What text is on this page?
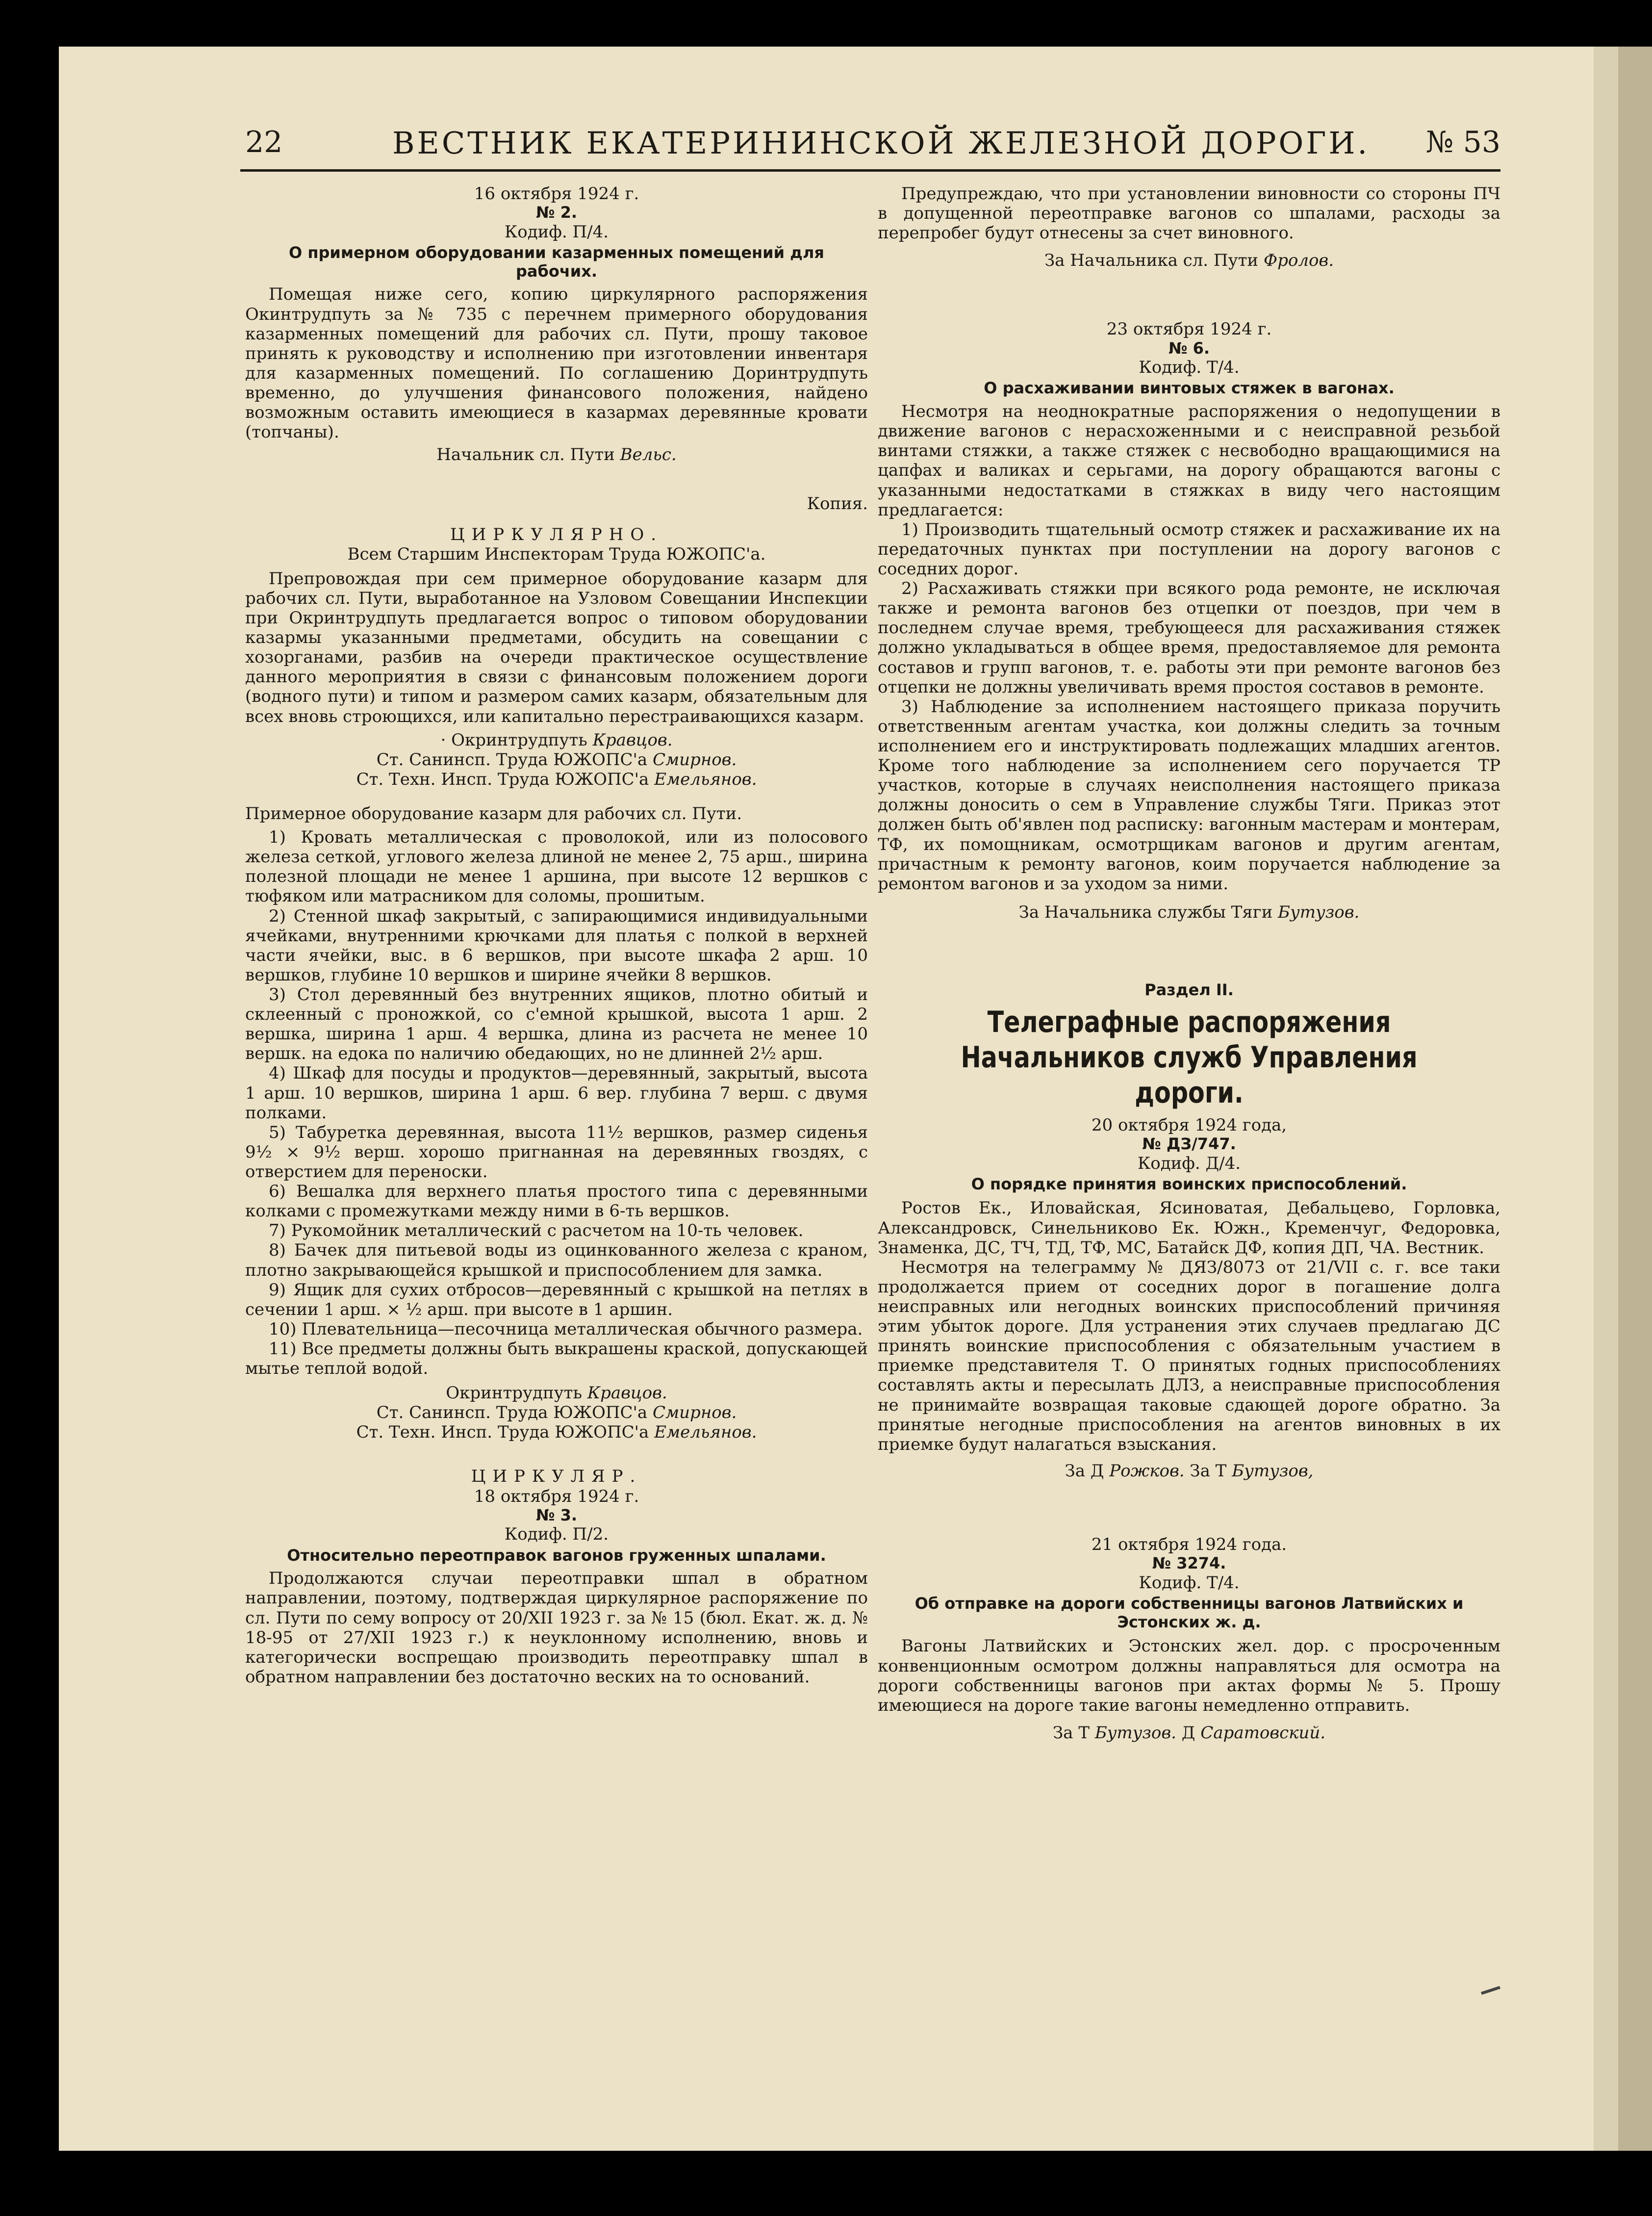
22	ВЕСТНИК ЕКАТЕРИНИНСКОЙ ЖЕЛЕЗНОЙ ДОРОГИ. № 53

16 октября 1924 г.

№ 2.

Кодиф. П/4.

О примерном оборудовании казарменных помещений для рабочих.

Помещая ниже сего, копию циркулярного распоряжения Окинтрудпуть за № 735 с перечнем примерного оборудования казарменных помещений для рабочих сл. Пути, прошу таковое принять к руководству и исполнению при изготовлении инвентаря для казарменных помещений. По соглашению Доринтрудпуть временно, до улучшения финансового положения, найдено возможным оставить имеющиеся в казармах деревянные кровати (топчаны).

Начальник сл. Пути Вельс.

Копия.

ЦИРКУЛЯРНО.

Всем Старшим Инспекторам Труда ЮЖОПС'а.

Препровождая при сем примерное оборудование казарм для рабочих сл. Пути, выработанное на Узловом Совещании Инспекции при Окринтрудпуть предлагается вопрос о типовом оборудовании казармы указанными предметами, обсудить на совещании с хозорганами, разбив на очереди практическое осуществление данного мероприятия в связи с финансовым положением дороги (водного пути) и типом и размером самих казарм, обязательным для всех вновь строющихся, или капитально перестраивающихся казарм.

· Окринтрудпуть Кравцов.

Ст. Санинсп. Труда ЮЖОПС'а Смирнов.

Ст. Техн. Инсп. Труда ЮЖОПС'а Емельянов.

Примерное оборудование казарм для рабочих сл. Пути.

1) Кровать металлическая с проволокой, или из полосового железа сеткой, углового железа длиной не менее 2, 75 арш., ширина полезной площади не менее 1 аршина, при высоте 12 вершков с тюфяком или матрасником для соломы, прошитым.

2) Стенной шкаф закрытый, с запирающимися индивидуальными ячейками, внутренними крючками для платья с полкой в верхней части ячейки, выс. в 6 вершков, при высоте шкафа 2 арш. 10 вершков, глубине 10 вершков и ширине ячейки 8 вершков.

3) Стол деревянный без внутренних ящиков, плотно обитый и склеенный с проножкой, со с'емной крышкой, высота 1 арш. 2 вершка, ширина 1 арш. 4 вершка, длина из расчета не менее 10 вершк. на едока по наличию обедающих, но не длинней 2½ арш.

4) Шкаф для посуды и продуктов—деревянный, закрытый, высота 1 арш. 10 вершков, ширина 1 арш. 6 вер. глубина 7 верш. с двумя полками.

5) Табуретка деревянная, высота 11½ вершков, размер сиденья 9½ × 9½ верш. хорошо пригнанная на деревянных гвоздях, с отверстием для переноски.

6) Вешалка для верхнего платья простого типа с деревянными колками с промежутками между ними в 6-ть вершков.

7) Рукомойник металлический с расчетом на 10-ть человек.

8) Бачек для питьевой воды из оцинкованного железа с краном, плотно закрывающейся крышкой и приспособлением для замка.

9) Ящик для сухих отбросов—деревянный с крышкой на петлях в сечении 1 арш. × ½ арш. при высоте в 1 аршин.

10) Плевательница—песочница металлическая обычного размера.

11) Все предметы должны быть выкрашены краской, допускающей мытье теплой водой.

Окринтрудпуть Кравцов.

Ст. Санинсп. Труда ЮЖОПС'а Смирнов.

Ст. Техн. Инсп. Труда ЮЖОПС'а Емельянов.

ЦИРКУЛЯР.

18 октября 1924 г.

№ 3.

Кодиф. П/2.

Относительно переотправок вагонов груженных шпалами.

Продолжаются случаи переотправки шпал в обратном направлении, поэтому, подтверждая циркулярное распоряжение по сл. Пути по сему вопросу от 20/XII 1923 г. за № 15 (бюл. Екат. ж. д. № 18-95 от 27/XII 1923 г.) к неуклонному исполнению, вновь и категорически воспрещаю производить переотправку шпал в обратном направлении без достаточно веских на то оснований.

Предупреждаю, что при установлении виновности со стороны ПЧ в допущенной переотправке вагонов со шпалами, расходы за перепробег будут отнесены за счет виновного.

За Начальника сл. Пути Фролов.

23 октября 1924 г.

№ 6.

Кодиф. Т/4.

О расхаживании винтовых стяжек в вагонах.

Несмотря на неоднократные распоряжения о недопущении в движение вагонов с нерасхоженными и с неисправной резьбой винтами стяжки, а также стяжек с несвободно вращающимися на цапфах и валиках и серьгами, на дорогу обращаются вагоны с указанными недостатками в стяжках в виду чего настоящим предлагается:

1) Производить тщательный осмотр стяжек и расхаживание их на передаточных пунктах при поступлении на дорогу вагонов с соседних дорог.

2) Расхаживать стяжки при всякого рода ремонте, не исключая также и ремонта вагонов без отцепки от поездов, при чем в последнем случае время, требующееся для расхаживания стяжек должно укладываться в общее время, предоставляемое для ремонта составов и групп вагонов, т. е. работы эти при ремонте вагонов без отцепки не должны увеличивать время простоя составов в ремонте.

3) Наблюдение за исполнением настоящего приказа поручить ответственным агентам участка, кои должны следить за точным исполнением его и инструктировать подлежащих младших агентов. Кроме того наблюдение за исполнением сего поручается ТР участков, которые в случаях неисполнения настоящего приказа должны доносить о сем в Управление службы Тяги. Приказ этот должен быть об'явлен под расписку: вагонным мастерам и монтерам, ТФ, их помощникам, осмотрщикам вагонов и другим агентам, причастным к ремонту вагонов, коим поручается наблюдение за ремонтом вагонов и за уходом за ними.

За Начальника службы Тяги Бутузов.

Раздел II.

Телеграфные распоряжения Начальников служб Управления дороги.

20 октября 1924 года,

№ ДЗ/747.

Кодиф. Д/4.

О порядке принятия воинских приспособлений.

Ростов Ек., Иловайская, Ясиноватая, Дебальцево, Горловка, Александровск, Синельниково Ек. Южн., Кременчуг, Федоровка, Знаменка, ДС, ТЧ, ТД, ТФ, МС, Батайск ДФ, копия ДП, ЧА. Вестник.

Несмотря на телеграмму № ДЯЗ/8073 от 21/VII с. г. все таки продолжается прием от соседних дорог в погашение долга неисправных или негодных воинских приспособлений причиняя этим убыток дороге. Для устранения этих случаев предлагаю ДС принять воинские приспособления с обязательным участием в приемке представителя Т. О принятых годных приспособлениях составлять акты и пересылать ДЛЗ, а неисправные приспособления не принимайте возвращая таковые сдающей дороге обратно. За принятые негодные приспособления на агентов виновных в их приемке будут налагаться взыскания.

За Д Рожков. За Т Бутузов,

21 октября 1924 года.

№ 3274.

Кодиф. Т/4.

Об отправке на дороги собственницы вагонов Латвийских и Эстонских ж. д.

Вагоны Латвийских и Эстонских жел. дор. с просроченным конвенционным осмотром должны направляться для осмотра на дороги собственницы вагонов при актах формы № 5. Прошу имеющиеся на дороге такие вагоны немедленно отправить.

За Т Бутузов. Д Саратовский.
